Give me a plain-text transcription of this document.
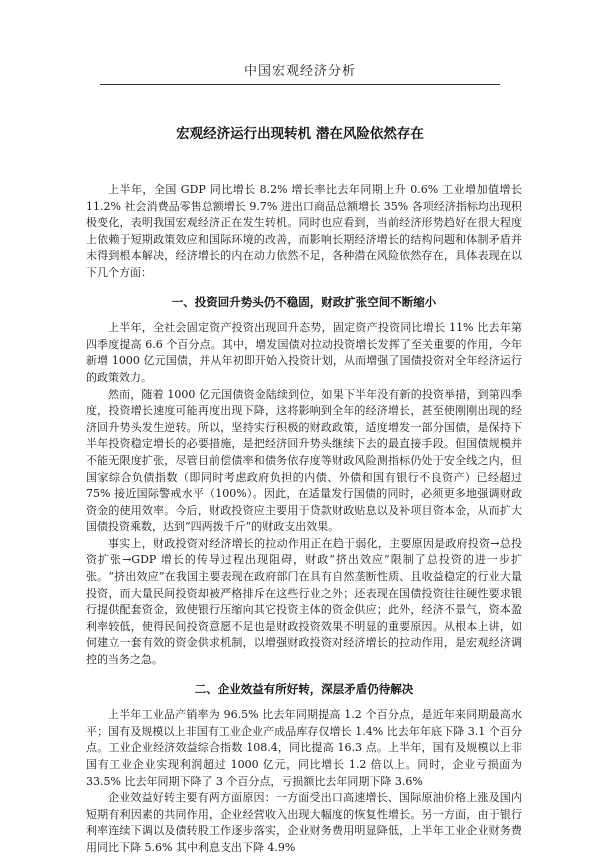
中国宏观经济分析
宏观经济运行出现转机 潜在风险依然存在

上半年，全国 GDP 同比增长 8.2% 增长率比去年同期上升 0.6% 工业增加值增长 11.2% 社会消费品零售总额增长 9.7% 进出口商品总额增长 35% 各项经济指标均出现积极变化，表明我国宏观经济正在发生转机。同时也应看到，当前经济形势趋好在很大程度上依赖于短期政策效应和国际环境的改善，而影响长期经济增长的结构问题和体制矛盾并未得到根本解决，经济增长的内在动力依然不足，各种潜在风险依然存在，具体表现在以下几个方面：

一、投资回升势头仍不稳固，财政扩张空间不断缩小

上半年，全社会固定资产投资出现回升态势，固定资产投资同比增长 11% 比去年第四季度提高 6.6 个百分点。其中，增发国债对拉动投资增长发挥了至关重要的作用，今年新增 1000 亿元国债，并从年初即开始入投资计划，从而增强了国债投资对全年经济运行的政策效力。

然而，随着 1000 亿元国债资金陆续到位，如果下半年没有新的投资举措，到第四季度，投资增长速度可能再度出现下降，这将影响到全年的经济增长，甚至使刚刚出现的经济回升势头发生逆转。所以，坚持实行积极的财政政策，适度增发一部分国债，是保持下半年投资稳定增长的必要措施，是把经济回升势头继续下去的最直接手段。但国债规模并不能无限度扩张，尽管目前偿债率和债务依存度等财政风险测指标仍处于安全线之内，但国家综合负债指数（即同时考虑政府负担的内债、外债和国有银行不良资产）已经超过 75% 接近国际警戒水平（100%）。因此，在适量发行国债的同时，必须更多地强调财政资金的使用效率。今后，财政投资应主要用于贷款财政贴息以及补项目资本金，从而扩大国债投资乘数，达到“四两拨千斤”的财政支出效果。

事实上，财政投资对经济增长的拉动作用正在趋于弱化，主要原因是政府投资→总投资扩张→GDP 增长的传导过程出现阻碍，财政“挤出效应”限制了总投资的进一步扩张。“挤出效应”在我国主要表现在政府部门在具有自然垄断性质、且收益稳定的行业大量投资，而大量民间投资却被严格排斥在这些行业之外；还表现在国债投资往往硬性要求银行提供配套资金，致使银行压缩向其它投资主体的资金供应；此外，经济不景气，资本盈利率较低，使得民间投资意愿不足也是财政投资效果不明显的重要原因。从根本上讲，如何建立一套有效的资金供求机制，以增强财政投资对经济增长的拉动作用，是宏观经济调控的当务之急。

二、企业效益有所好转，深层矛盾仍待解决

上半年工业品产销率为 96.5% 比去年同期提高 1.2 个百分点，是近年来同期最高水平；国有及规模以上非国有工业企业产成品库存仅增长 1.4% 比去年年底下降 3.1 个百分点。工业企业经济效益综合指数 108.4，同比提高 16.3 点。上半年，国有及规模以上非国有工业企业实现利润超过 1000 亿元，同比增长 1.2 倍以上。同时，企业亏损面为 33.5% 比去年同期下降了 3 个百分点，亏损额比去年同期下降 3.6%

企业效益好转主要有两方面原因：一方面受出口高速增长、国际原油价格上涨及国内短期有利因素的共同作用，企业经营收入出现大幅度的恢复性增长。另一方面，由于银行利率连续下调以及债转股工作逐步落实，企业财务费用明显降低，上半年工业企业财务费用同比下降 5.6% 其中利息支出下降 4.9%
